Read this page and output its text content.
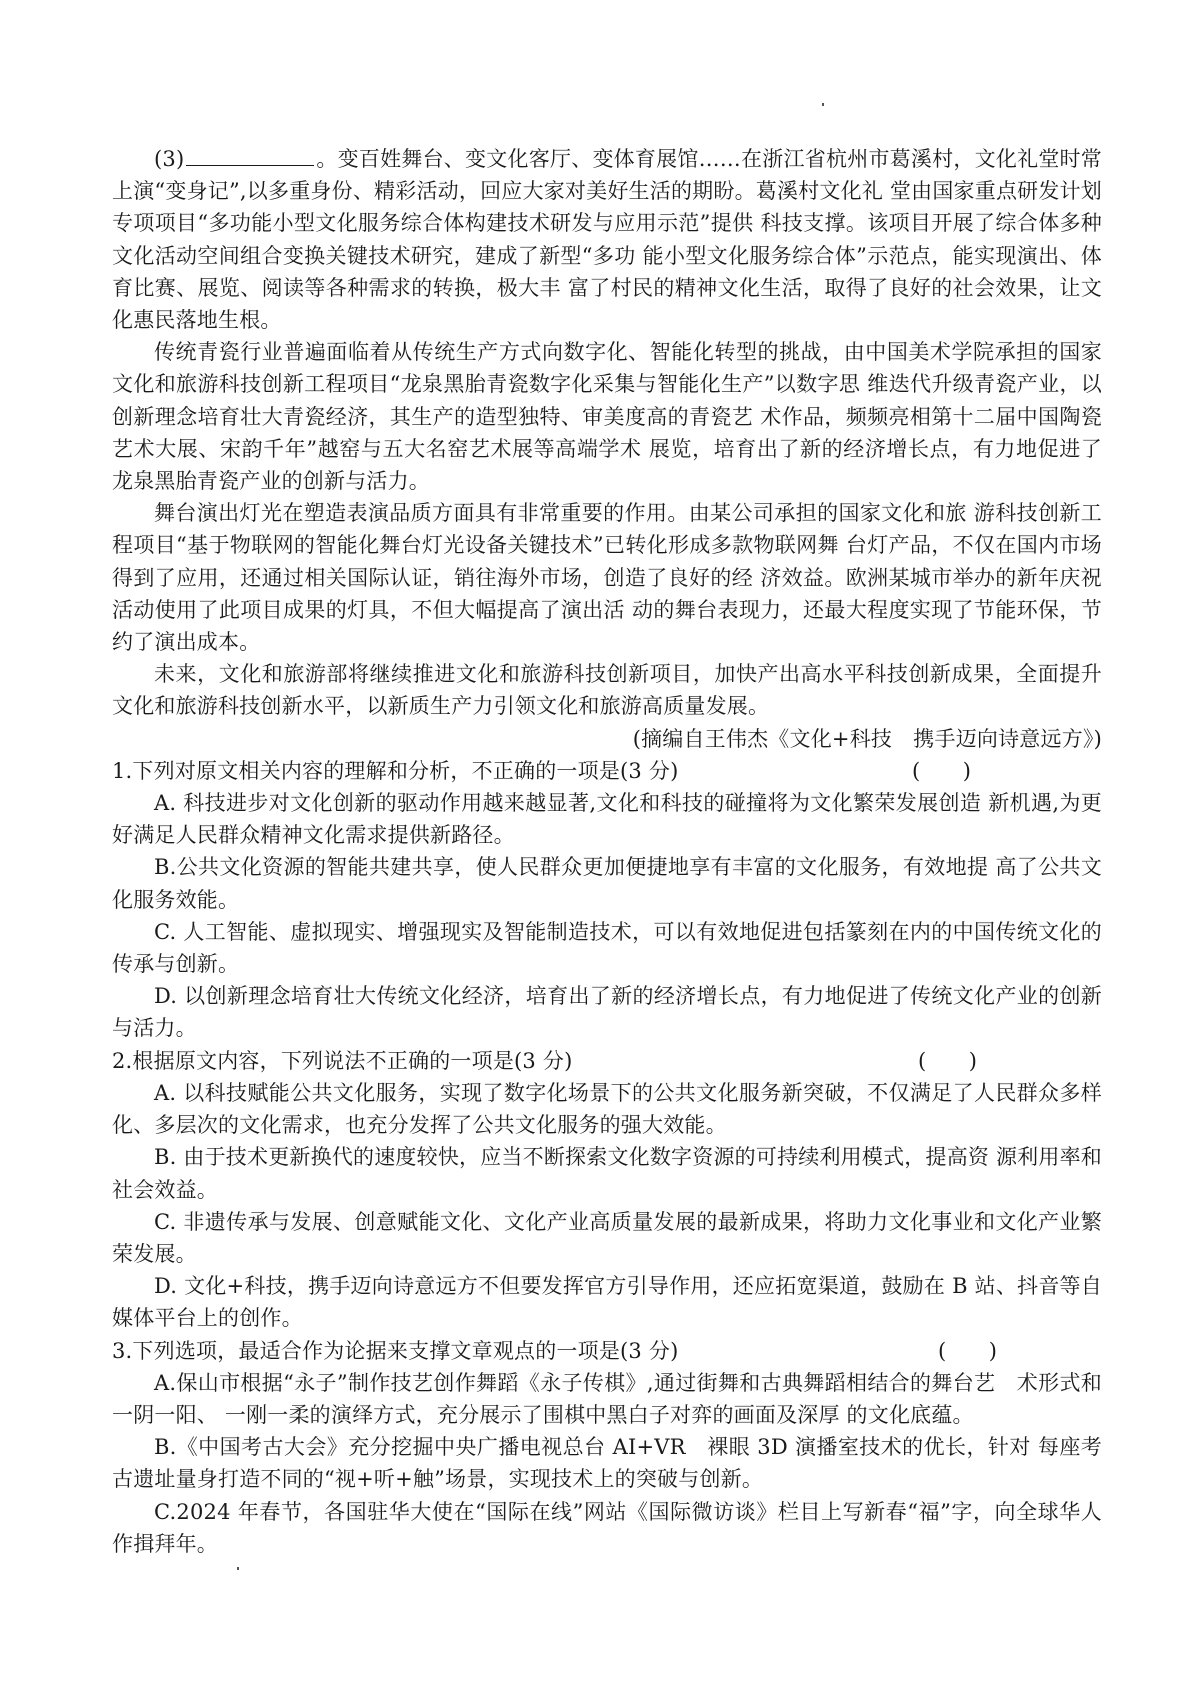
(3)	。变百姓舞台、变文化客厅、变体育展馆……在浙江省杭州市葛溪村，文化礼堂时常上演“变身记”,以多重身份、精彩活动，回应大家对美好生活的期盼。葛溪村文化礼 堂由国家重点研发计划专项项目“多功能小型文化服务综合体构建技术研发与应用示范”提供 科技支撑。该项目开展了综合体多种文化活动空间组合变换关键技术研究，建成了新型“多功 能小型文化服务综合体”示范点，能实现演出、体育比赛、展览、阅读等各种需求的转换，极大丰 富了村民的精神文化生活，取得了良好的社会效果，让文化惠民落地生根。

传统青瓷行业普遍面临着从传统生产方式向数字化、智能化转型的挑战，由中国美术学院承担的国家文化和旅游科技创新工程项目“龙泉黑胎青瓷数字化采集与智能化生产”以数字思 维迭代升级青瓷产业，以创新理念培育壮大青瓷经济，其生产的造型独特、审美度高的青瓷艺 术作品，频频亮相第十二届中国陶瓷艺术大展、宋韵千年”越窑与五大名窑艺术展等高端学术 展览，培育出了新的经济增长点，有力地促进了龙泉黑胎青瓷产业的创新与活力。

舞台演出灯光在塑造表演品质方面具有非常重要的作用。由某公司承担的国家文化和旅 游科技创新工程项目“基于物联网的智能化舞台灯光设备关键技术”已转化形成多款物联网舞 台灯产品，不仅在国内市场得到了应用，还通过相关国际认证，销往海外市场，创造了良好的经 济效益。欧洲某城市举办的新年庆祝活动使用了此项目成果的灯具，不但大幅提高了演出活 动的舞台表现力，还最大程度实现了节能环保，节约了演出成本。

未来，文化和旅游部将继续推进文化和旅游科技创新项目，加快产出高水平科技创新成果，全面提升文化和旅游科技创新水平，以新质生产力引领文化和旅游高质量发展。

(摘编自王伟杰《文化+科技　携手迈向诗意远方》)

1.下列对原文相关内容的理解和分析，不正确的一项是(3 分)	(　　)

A. 科技进步对文化创新的驱动作用越来越显著,文化和科技的碰撞将为文化繁荣发展创造 新机遇,为更好满足人民群众精神文化需求提供新路径。

B.公共文化资源的智能共建共享，使人民群众更加便捷地享有丰富的文化服务，有效地提 高了公共文化服务效能。

C. 人工智能、虚拟现实、增强现实及智能制造技术，可以有效地促进包括篆刻在内的中国传统文化的传承与创新。

D. 以创新理念培育壮大传统文化经济，培育出了新的经济增长点，有力地促进了传统文化产业的创新与活力。

2.根据原文内容，下列说法不正确的一项是(3 分)	(　　)

A. 以科技赋能公共文化服务，实现了数字化场景下的公共文化服务新突破，不仅满足了人民群众多样化、多层次的文化需求，也充分发挥了公共文化服务的强大效能。

B. 由于技术更新换代的速度较快，应当不断探索文化数字资源的可持续利用模式，提高资 源利用率和社会效益。

C. 非遗传承与发展、创意赋能文化、文化产业高质量发展的最新成果，将助力文化事业和文化产业繁荣发展。

D. 文化+科技，携手迈向诗意远方不但要发挥官方引导作用，还应拓宽渠道，鼓励在 B 站、抖音等自媒体平台上的创作。

3.下列选项，最适合作为论据来支撑文章观点的一项是(3 分)	(　　)

A.保山市根据“永子”制作技艺创作舞蹈《永子传棋》,通过街舞和古典舞蹈相结合的舞台艺　术形式和一阴一阳、 一刚一柔的演绎方式，充分展示了围棋中黑白子对弈的画面及深厚 的文化底蕴。

B.《中国考古大会》充分挖掘中央广播电视总台 AI+VR　裸眼 3D 演播室技术的优长，针对 每座考古遗址量身打造不同的“视+听+触”场景，实现技术上的突破与创新。

C.2024 年春节，各国驻华大使在“国际在线”网站《国际微访谈》栏目上写新春“福”字，向全球华人作揖拜年。
